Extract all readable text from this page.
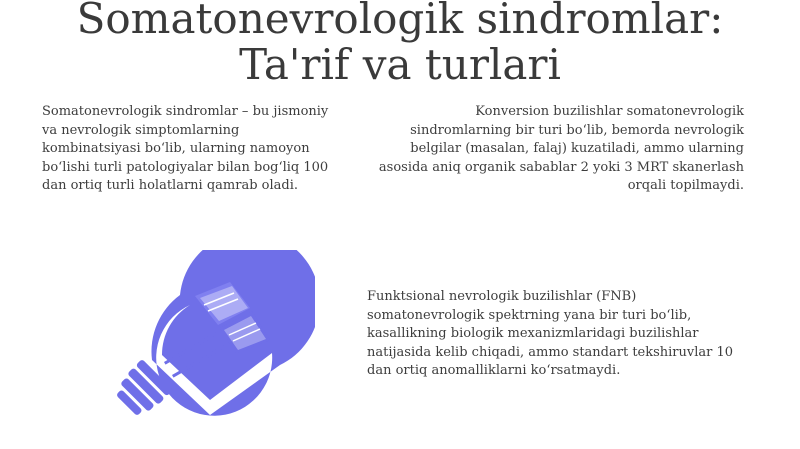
Somatonevrologik sindromlar:
Ta'rif va turlari

Somatonevrologik sindromlar – bu jismoniy va nevrologik simptomlarning kombinatsiyasi bo‘lib, ularning namoyon bo‘lishi turli patologiyalar bilan bog‘liq 100 dan ortiq turli holatlarni qamrab oladi.

Konversion buzilishlar somatonevrologik sindromlarning bir turi bo‘lib, bemorda nevrologik belgilar (masalan, falaj) kuzatiladi, ammo ularning asosida aniq organik sabablar 2 yoki 3 MRT skanerlash orqali topilmaydi.

Funktsional nevrologik buzilishlar (FNB) somatonevrologik spektrning yana bir turi bo‘lib, kasallikning biologik mexanizmlaridagi buzilishlar natijasida kelib chiqadi, ammo standart tekshiruvlar 10 dan ortiq anomalliklarni ko‘rsatmaydi.
